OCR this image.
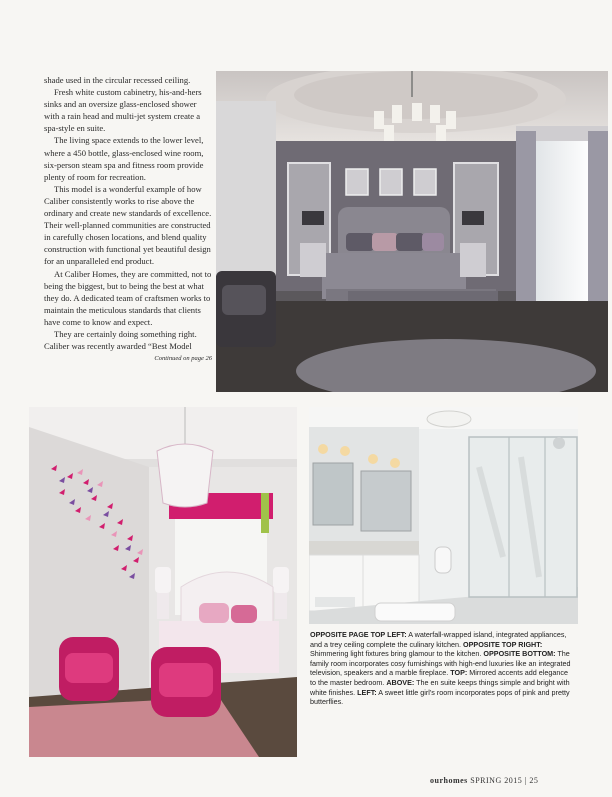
shade used in the circular recessed ceiling.

Fresh white custom cabinetry, his-and-hers sinks and an oversize glass-enclosed shower with a rain head and multi-jet system create a spa-style en suite.

The living space extends to the lower level, where a 450 bottle, glass-enclosed wine room, six-person steam spa and fitness room provide plenty of room for recreation.

This model is a wonderful example of how Caliber consistently works to rise above the ordinary and create new standards of excellence. Their well-planned communities are constructed in carefully chosen locations, and blend quality construction with functional yet beautiful design for an unparalleled end product.

At Caliber Homes, they are committed, not to being the biggest, but to being the best at what they do. A dedicated team of craftsmen works to maintain the meticulous standards that clients have come to know and expect.

They are certainly doing something right. Caliber was recently awarded “Best Model

Continued on page 26
OPPOSITE PAGE TOP LEFT: A waterfall-wrapped island, integrated appliances, and a trey ceiling complete the culinary kitchen. OPPOSITE TOP RIGHT: Shimmering light fixtures bring glamour to the kitchen. OPPOSITE BOTTOM: The family room incorporates cosy furnishings with high-end luxuries like an integrated television, speakers and a marble fireplace. TOP: Mirrored accents add elegance to the master bedroom. ABOVE: The en suite keeps things simple and bright with white finishes. LEFT: A sweet little girl’s room incorporates pops of pink and pretty butterflies.
ourhomes SPRING 2015 | 25
